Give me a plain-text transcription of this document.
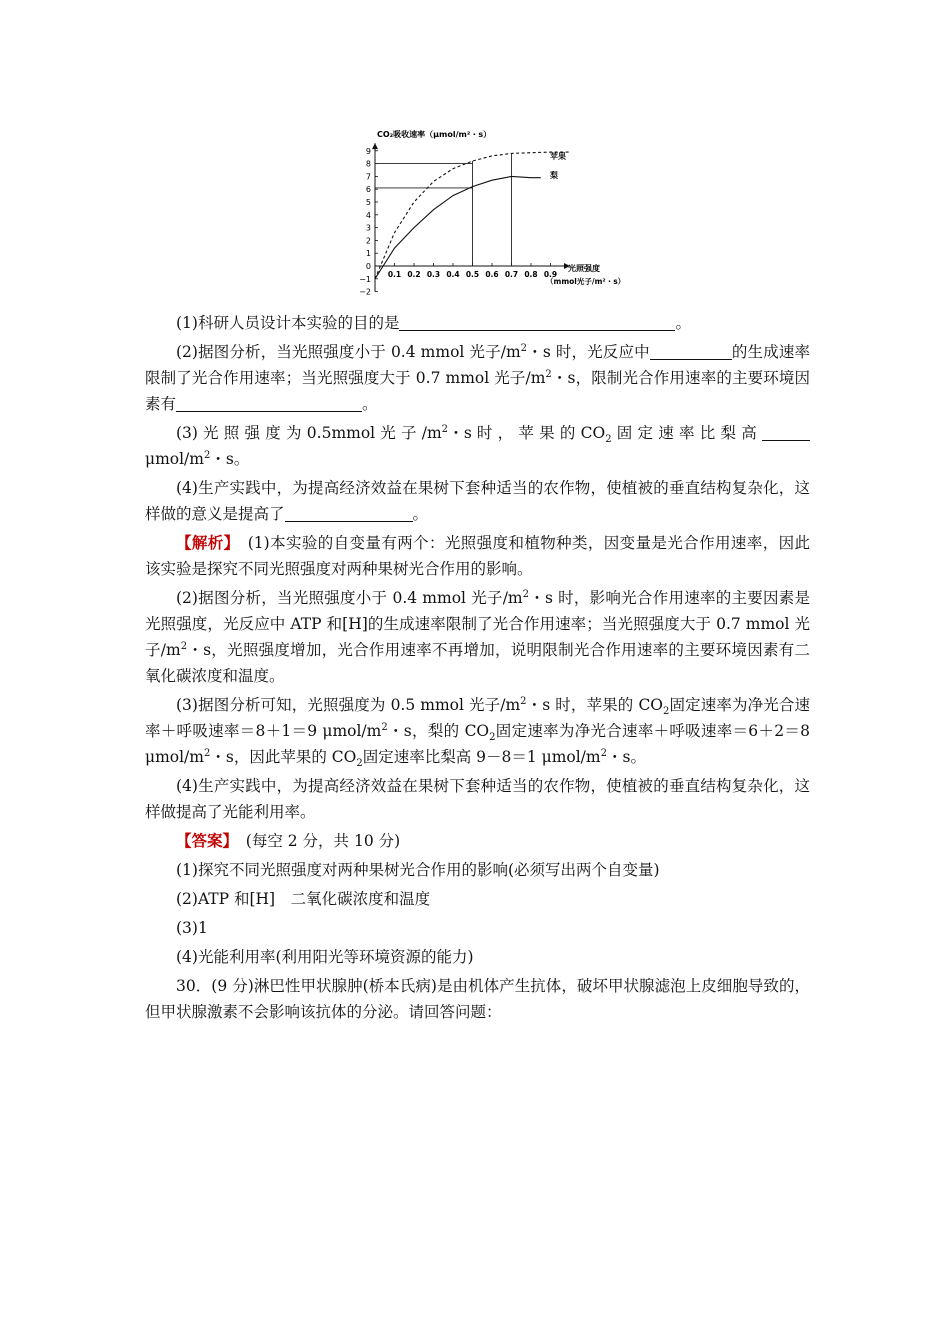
9
8
7
6
5
4
3
2
1
0
−1
−2
0.1 0.2 0.3 0.4 0.5 0.6 0.7 0.8 0.9
CO₂吸收速率（μmol/m²・s）
光照强度
（mmol光子/m²・s）
苹果
梨

(1)科研人员设计本实验的目的是	。

(2)据图分析，当光照强度小于 0.4 mmol 光子$/m^2$・s 时，光反应中	的生成速率限制了光合作用速率；当光照强度大于 0.7 mmol 光子$/m^2$・s，限制光合作用速率的主要环境因素有	。

(3) 光 照 强 度 为 0.5mmol 光 子 $/m^2$・s 时 ， 苹 果 的 $CO_2$ 固 定 速 率 比 梨 高 μmol/$m^2$・s。

(4)生产实践中，为提高经济效益在果树下套种适当的农作物，使植被的垂直结构复杂化，这样做的意义是提高了	。

【解析】　 (1)本实验的自变量有两个：光照强度和植物种类，因变量是光合作用速率，因此该实验是探究不同光照强度对两种果树光合作用的影响。

(2)据图分析，当光照强度小于 0.4 mmol 光子$/m^2$・s 时，影响光合作用速率的主要因素是光照强度，光反应中 ATP 和[H]的生成速率限制了光合作用速率；当光照强度大于 0.7 mmol 光子$/m^2$・s，光照强度增加，光合作用速率不再增加，说明限制光合作用速率的主要环境因素有二氧化碳浓度和温度。

(3)据图分析可知，光照强度为 0.5 mmol 光子$/m^2$・s 时，苹果的 $CO_2$固定速率为净光合速率＋呼吸速率＝8＋1＝9 μmol/$m^2$・s，梨的 $CO_2$固定速率为净光合速率＋呼吸速率＝6＋2＝8 μmol/$m^2$・s，因此苹果的 $CO_2$固定速率比梨高 9－8＝1 μmol/$m^2$・s。

(4)生产实践中，为提高经济效益在果树下套种适当的农作物，使植被的垂直结构复杂化，这样做提高了光能利用率。

【答案】　 (每空 2 分，共 10 分)

(1)探究不同光照强度对两种果树光合作用的影响(必须写出两个自变量)

(2)ATP 和[H]　二氧化碳浓度和温度

(3)1

(4)光能利用率(利用阳光等环境资源的能力)

30．(9 分)淋巴性甲状腺肿(桥本氏病)是由机体产生抗体，破坏甲状腺滤泡上皮细胞导致的，但甲状腺激素不会影响该抗体的分泌。请回答问题：
